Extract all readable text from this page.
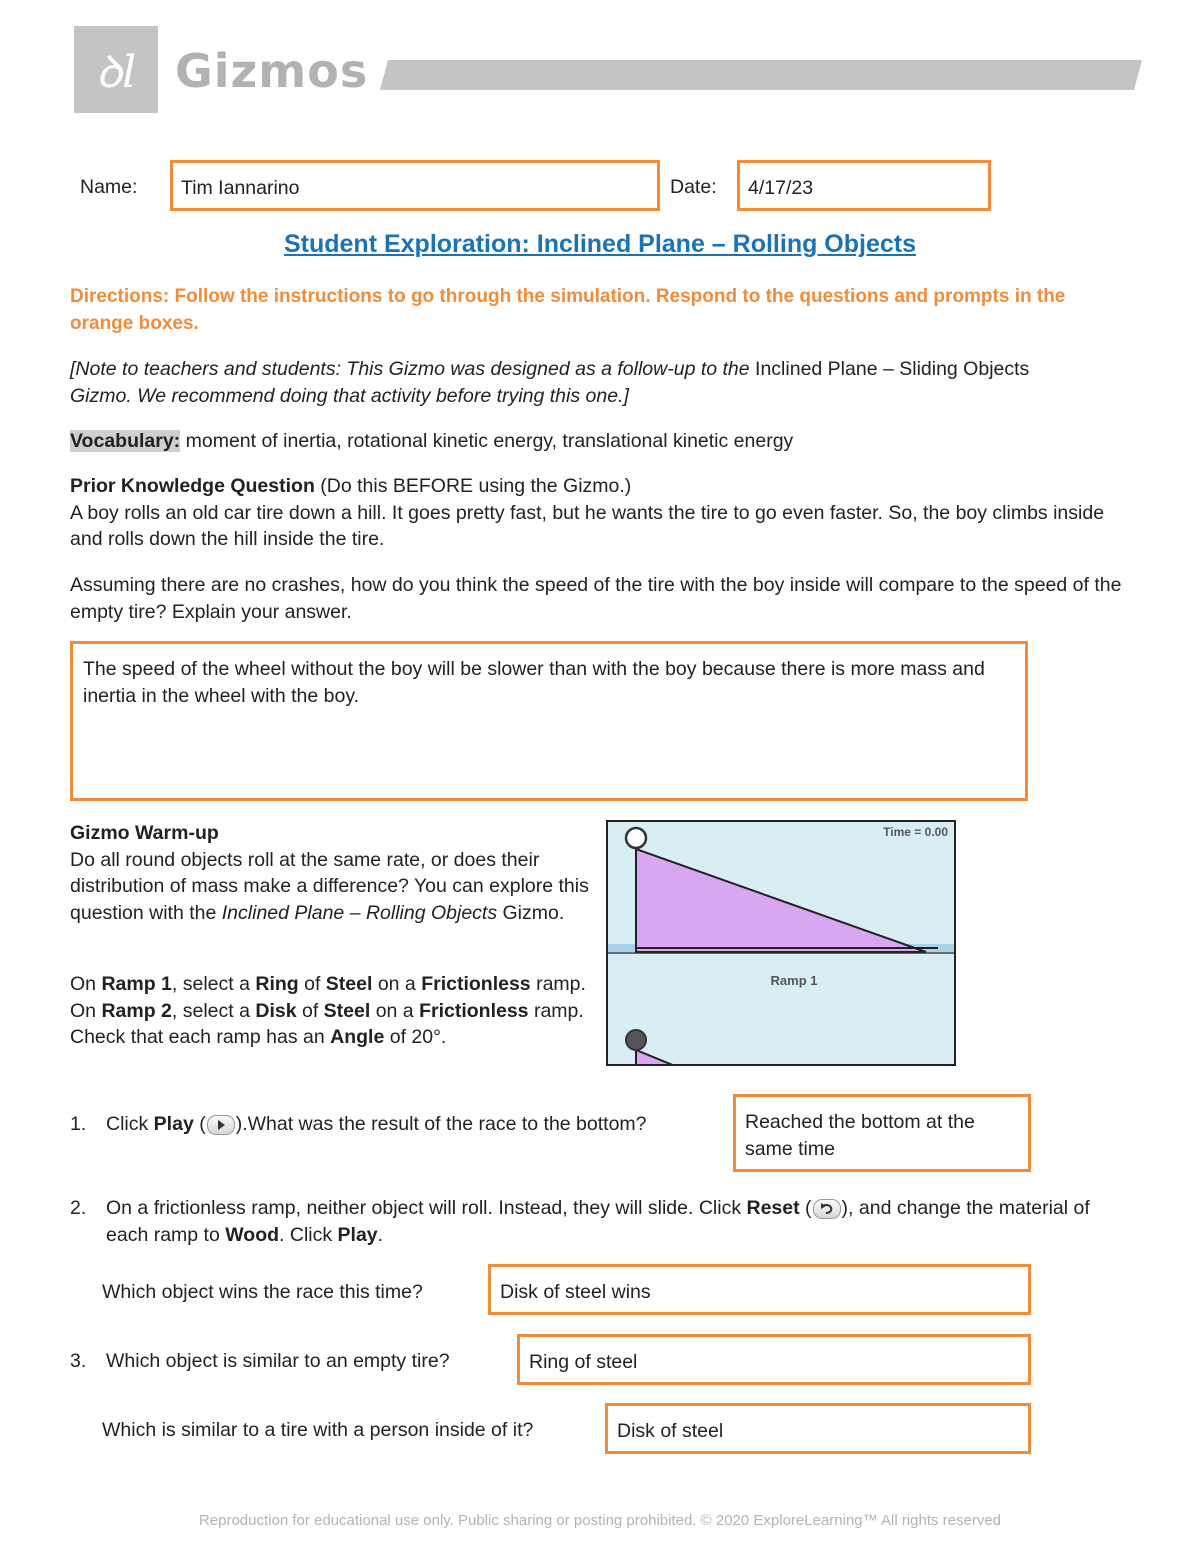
ꝺl Gizmos
Name:	Tim Iannarino	Date:	4/17/23
Student Exploration: Inclined Plane – Rolling Objects
Directions: Follow the instructions to go through the simulation. Respond to the questions and prompts in the orange boxes.
[Note to teachers and students: This Gizmo was designed as a follow-up to the Inclined Plane – Sliding Objects Gizmo. We recommend doing that activity before trying this one.]
Vocabulary: moment of inertia, rotational kinetic energy, translational kinetic energy
Prior Knowledge Question (Do this BEFORE using the Gizmo.)
A boy rolls an old car tire down a hill. It goes pretty fast, but he wants the tire to go even faster. So, the boy climbs inside and rolls down the hill inside the tire.
Assuming there are no crashes, how do you think the speed of the tire with the boy inside will compare to the speed of the empty tire? Explain your answer.
The speed of the wheel without the boy will be slower than with the boy because there is more mass and inertia in the wheel with the boy.
Gizmo Warm-up
Do all round objects roll at the same rate, or does their distribution of mass make a difference? You can explore this question with the Inclined Plane – Rolling Objects Gizmo.
On Ramp 1, select a Ring of Steel on a Frictionless ramp. On Ramp 2, select a Disk of Steel on a Frictionless ramp. Check that each ramp has an Angle of 20°.
Time = 0.00
Ramp 1
1. Click Play ( ).What was the result of the race to the bottom?	Reached the bottom at the same time
2. On a frictionless ramp, neither object will roll. Instead, they will slide. Click Reset ( ), and change the material of each ramp to Wood. Click Play.
Which object wins the race this time?	Disk of steel wins
3. Which object is similar to an empty tire?	Ring of steel
Which is similar to a tire with a person inside of it?	Disk of steel
Reproduction for educational use only. Public sharing or posting prohibited. © 2020 ExploreLearning™ All rights reserved
